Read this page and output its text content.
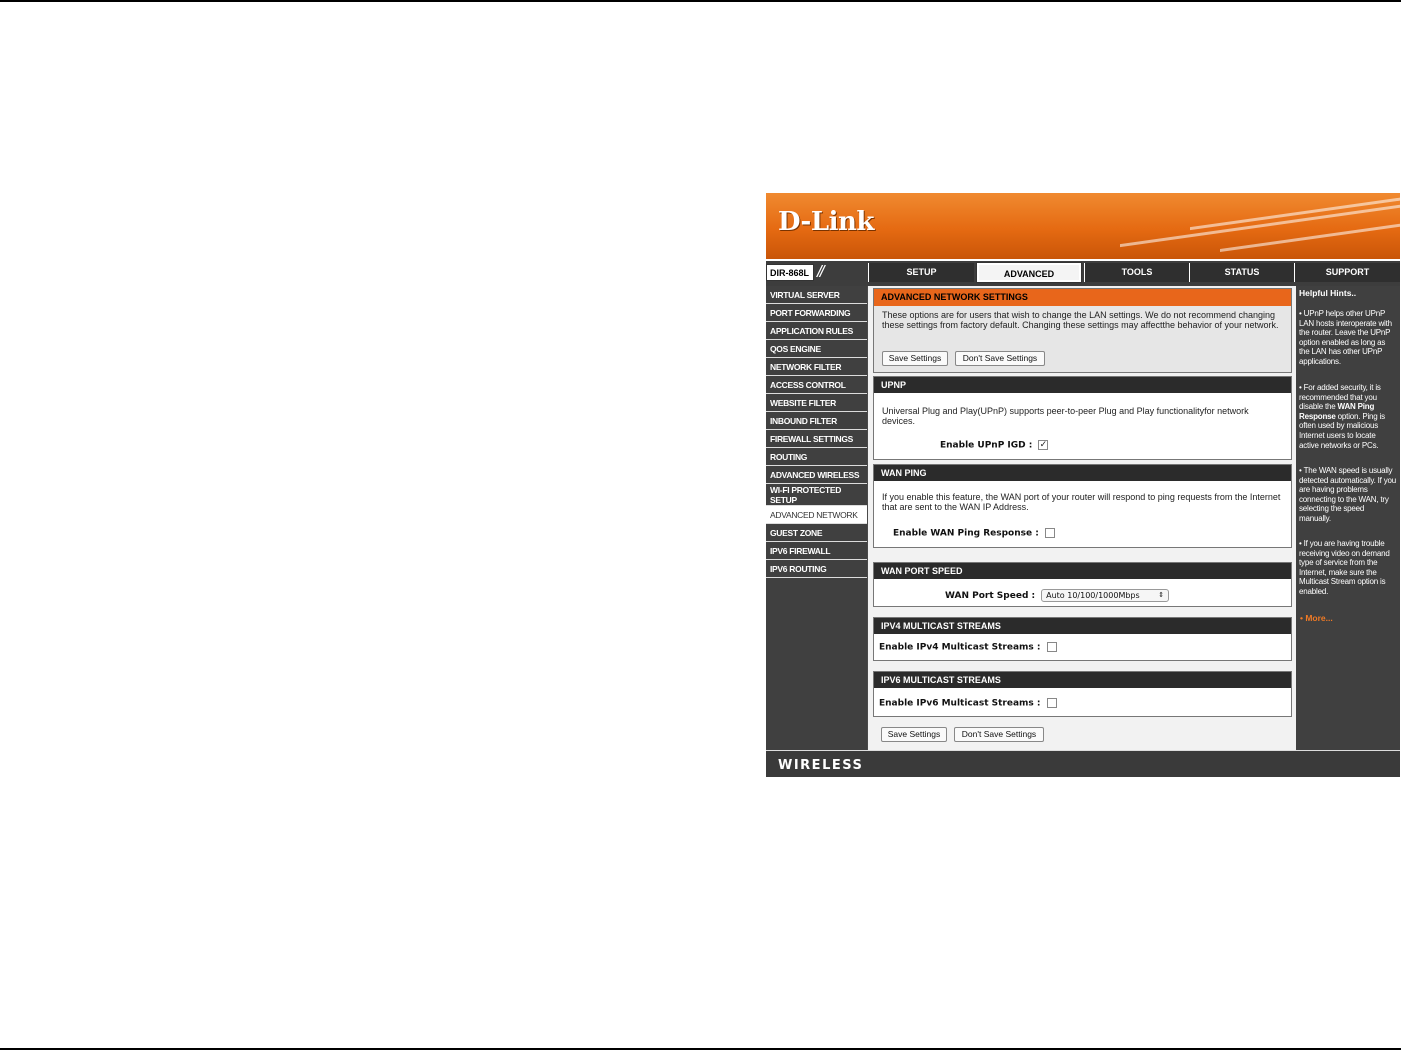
D-Link
DIR-868L //	SETUP	ADVANCED	TOOLS	STATUS	SUPPORT
VIRTUAL SERVER
PORT FORWARDING
APPLICATION RULES
QOS ENGINE
NETWORK FILTER
ACCESS CONTROL
WEBSITE FILTER
INBOUND FILTER
FIREWALL SETTINGS
ROUTING
ADVANCED WIRELESS
WI-FI PROTECTED SETUP
ADVANCED NETWORK
GUEST ZONE
IPV6 FIREWALL
IPV6 ROUTING
ADVANCED NETWORK SETTINGS
These options are for users that wish to change the LAN settings. We do not recommend changing these settings from factory default. Changing these settings may affectthe behavior of your network.
Save Settings	Don't Save Settings
UPNP
Universal Plug and Play(UPnP) supports peer-to-peer Plug and Play functionalityfor network devices.
Enable UPnP IGD : ✓
WAN PING
If you enable this feature, the WAN port of your router will respond to ping requests from the Internet that are sent to the WAN IP Address.
Enable WAN Ping Response :
WAN PORT SPEED
WAN Port Speed : Auto 10/100/1000Mbps	⇕
IPV4 MULTICAST STREAMS
Enable IPv4 Multicast Streams :
IPV6 MULTICAST STREAMS
Enable IPv6 Multicast Streams :
Save Settings	Don't Save Settings
Helpful Hints..
• UPnP helps other UPnP LAN hosts interoperate with the router. Leave the UPnP option enabled as long as the LAN has other UPnP applications.
• For added security, it is recommended that you disable the WAN Ping Response option. Ping is often used by malicious Internet users to locate active networks or PCs.
• The WAN speed is usually detected automatically. If you are having problems connecting to the WAN, try selecting the speed manually.
• If you are having trouble receiving video on demand type of service from the Internet, make sure the Multicast Stream option is enabled.
• More...
WIRELESS
